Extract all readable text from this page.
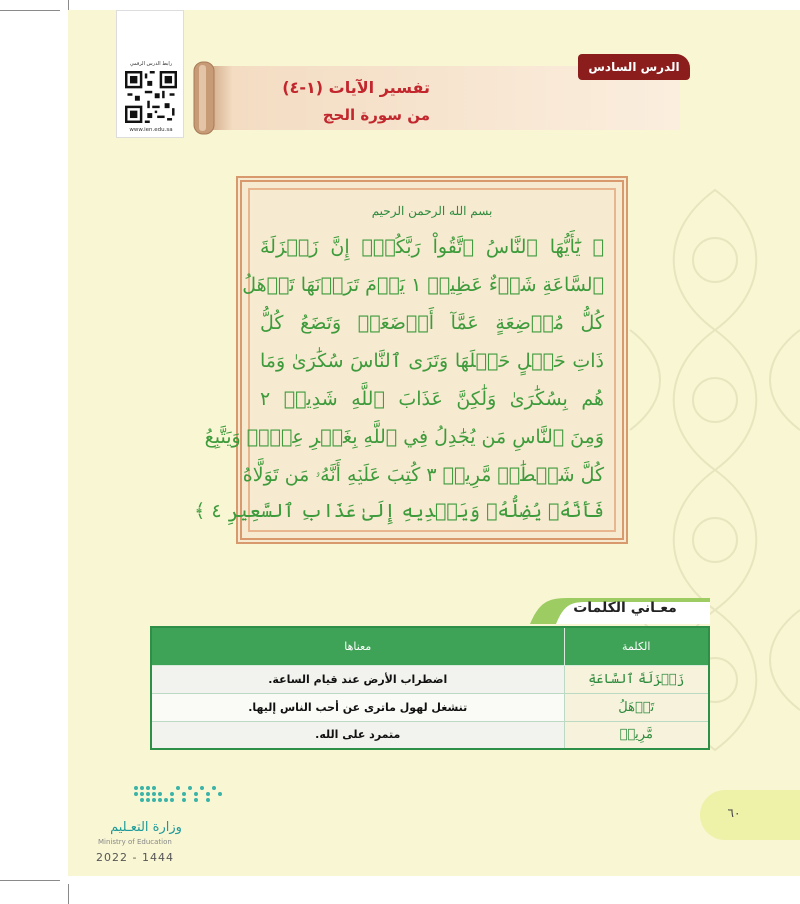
رابط الدرس الرقمي
www.ien.edu.sa
الدرس السادس
تفسير الآيات (١-٤)
من سورة الحج
بسم الله الرحمن الرحيم
﴿ يَٰٓأَيُّهَا ٱلنَّاسُ ٱتَّقُواْ رَبَّكُمْۚ إِنَّ زَلۡزَلَةَ
ٱلسَّاعَةِ شَيۡءٌ عَظِيمٞ ١ يَوۡمَ تَرَوۡنَهَا تَذۡهَلُ
كُلُّ مُرۡضِعَةٍ عَمَّآ أَرۡضَعَتۡ وَتَضَعُ كُلُّ
ذَاتِ حَمۡلٍ حَمۡلَهَا وَتَرَى ٱلنَّاسَ سُكَٰرَىٰ وَمَا
هُم بِسُكَٰرَىٰ وَلَٰكِنَّ عَذَابَ ٱللَّهِ شَدِيدٞ ٢
وَمِنَ ٱلنَّاسِ مَن يُجَٰدِلُ فِي ٱللَّهِ بِغَيۡرِ عِلۡمٖ وَيَتَّبِعُ
كُلَّ شَيۡطَٰنٖ مَّرِيدٖ ٣ كُتِبَ عَلَيۡهِ أَنَّهُۥ مَن تَوَلَّاهُ
فَأَنَّهُۥ يُضِلُّهُۥ وَيَهۡدِيهِ إِلَىٰ عَذَابِ ٱلسَّعِيرِ ٤ ﴾
معـاني الكلمات
الكلمة	معناها
زَلۡزَلَةَ ٱلسَّاعَةِ	اضطراب الأرض عند قيام الساعة.
تَذۡهَلُ	تنشغل لهول ماترى عن أحب الناس إليها.
مَّرِيدٖ	متمرد على الله.
وزارة التعـليم
Ministry of Education
2022 - 1444
٦٠
